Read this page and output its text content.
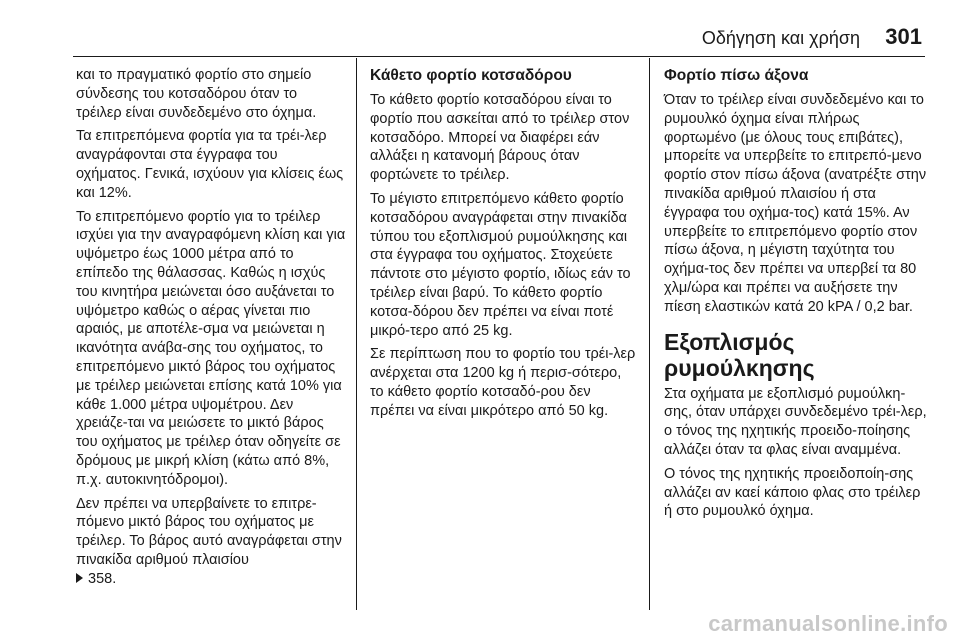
Οδήγηση και χρήση 301

και το πραγματικό φορτίο στο σημείο σύνδεσης του κοτσαδόρου όταν το τρέιλερ είναι συνδεδεμένο στο όχημα.

Τα επιτρεπόμενα φορτία για τα τρέι-λερ αναγράφονται στα έγγραφα του οχήματος. Γενικά, ισχύουν για κλίσεις έως και 12%.

Το επιτρεπόμενο φορτίο για το τρέιλερ ισχύει για την αναγραφόμενη κλίση και για υψόμετρο έως 1000 μέτρα από το επίπεδο της θάλασσας. Καθώς η ισχύς του κινητήρα μειώνεται όσο αυξάνεται το υψόμετρο καθώς ο αέρας γίνεται πιο αραιός, με αποτέλε-σμα να μειώνεται η ικανότητα ανάβα-σης του οχήματος, το επιτρεπόμενο μικτό βάρος του οχήματος με τρέιλερ μειώνεται επίσης κατά 10% για κάθε 1.000 μέτρα υψομέτρου. Δεν χρειάζε-ται να μειώσετε το μικτό βάρος του οχήματος με τρέιλερ όταν οδηγείτε σε δρόμους με μικρή κλίση (κάτω από 8%, π.χ. αυτοκινητόδρομοι).

Δεν πρέπει να υπερβαίνετε το επιτρε-πόμενο μικτό βάρος του οχήματος με τρέιλερ. Το βάρος αυτό αναγράφεται στην πινακίδα αριθμού πλαισίου
358.

Κάθετο φορτίο κοτσαδόρου

Το κάθετο φορτίο κοτσαδόρου είναι το φορτίο που ασκείται από το τρέιλερ στον κοτσαδόρο. Μπορεί να διαφέρει εάν αλλάξει η κατανομή βάρους όταν φορτώνετε το τρέιλερ.

Το μέγιστο επιτρεπόμενο κάθετο φορτίο κοτσαδόρου αναγράφεται στην πινακίδα τύπου του εξοπλισμού ρυμούλκησης και στα έγγραφα του οχήματος. Στοχεύετε πάντοτε στο μέγιστο φορτίο, ιδίως εάν το τρέιλερ είναι βαρύ. Το κάθετο φορτίο κοτσα-δόρου δεν πρέπει να είναι ποτέ μικρό-τερο από 25 kg.

Σε περίπτωση που το φορτίο του τρέι-λερ ανέρχεται στα 1200 kg ή περισ-σότερο, το κάθετο φορτίο κοτσαδό-ρου δεν πρέπει να είναι μικρότερο από 50 kg.

Φορτίο πίσω άξονα

Όταν το τρέιλερ είναι συνδεδεμένο και το ρυμουλκό όχημα είναι πλήρως φορτωμένο (με όλους τους επιβάτες), μπορείτε να υπερβείτε το επιτρεπό-μενο φορτίο στον πίσω άξονα (ανατρέξτε στην πινακίδα αριθμού πλαισίου ή στα έγγραφα του οχήμα-τος) κατά 15%. Αν υπερβείτε το επιτρεπόμενο φορτίο στον πίσω άξονα, η μέγιστη ταχύτητα του οχήμα-τος δεν πρέπει να υπερβεί τα 80 χλμ/ώρα και πρέπει να αυξήσετε την πίεση ελαστικών κατά 20 kPA / 0,2 bar.

Εξοπλισμός ρυμούλκησης

Στα οχήματα με εξοπλισμό ρυμούλκη-σης, όταν υπάρχει συνδεδεμένο τρέι-λερ, ο τόνος της ηχητικής προειδο-ποίησης αλλάζει όταν τα φλας είναι αναμμένα.

Ο τόνος της ηχητικής προειδοποίη-σης αλλάζει αν καεί κάποιο φλας στο τρέιλερ ή στο ρυμουλκό όχημα.

carmanualsonline.info
